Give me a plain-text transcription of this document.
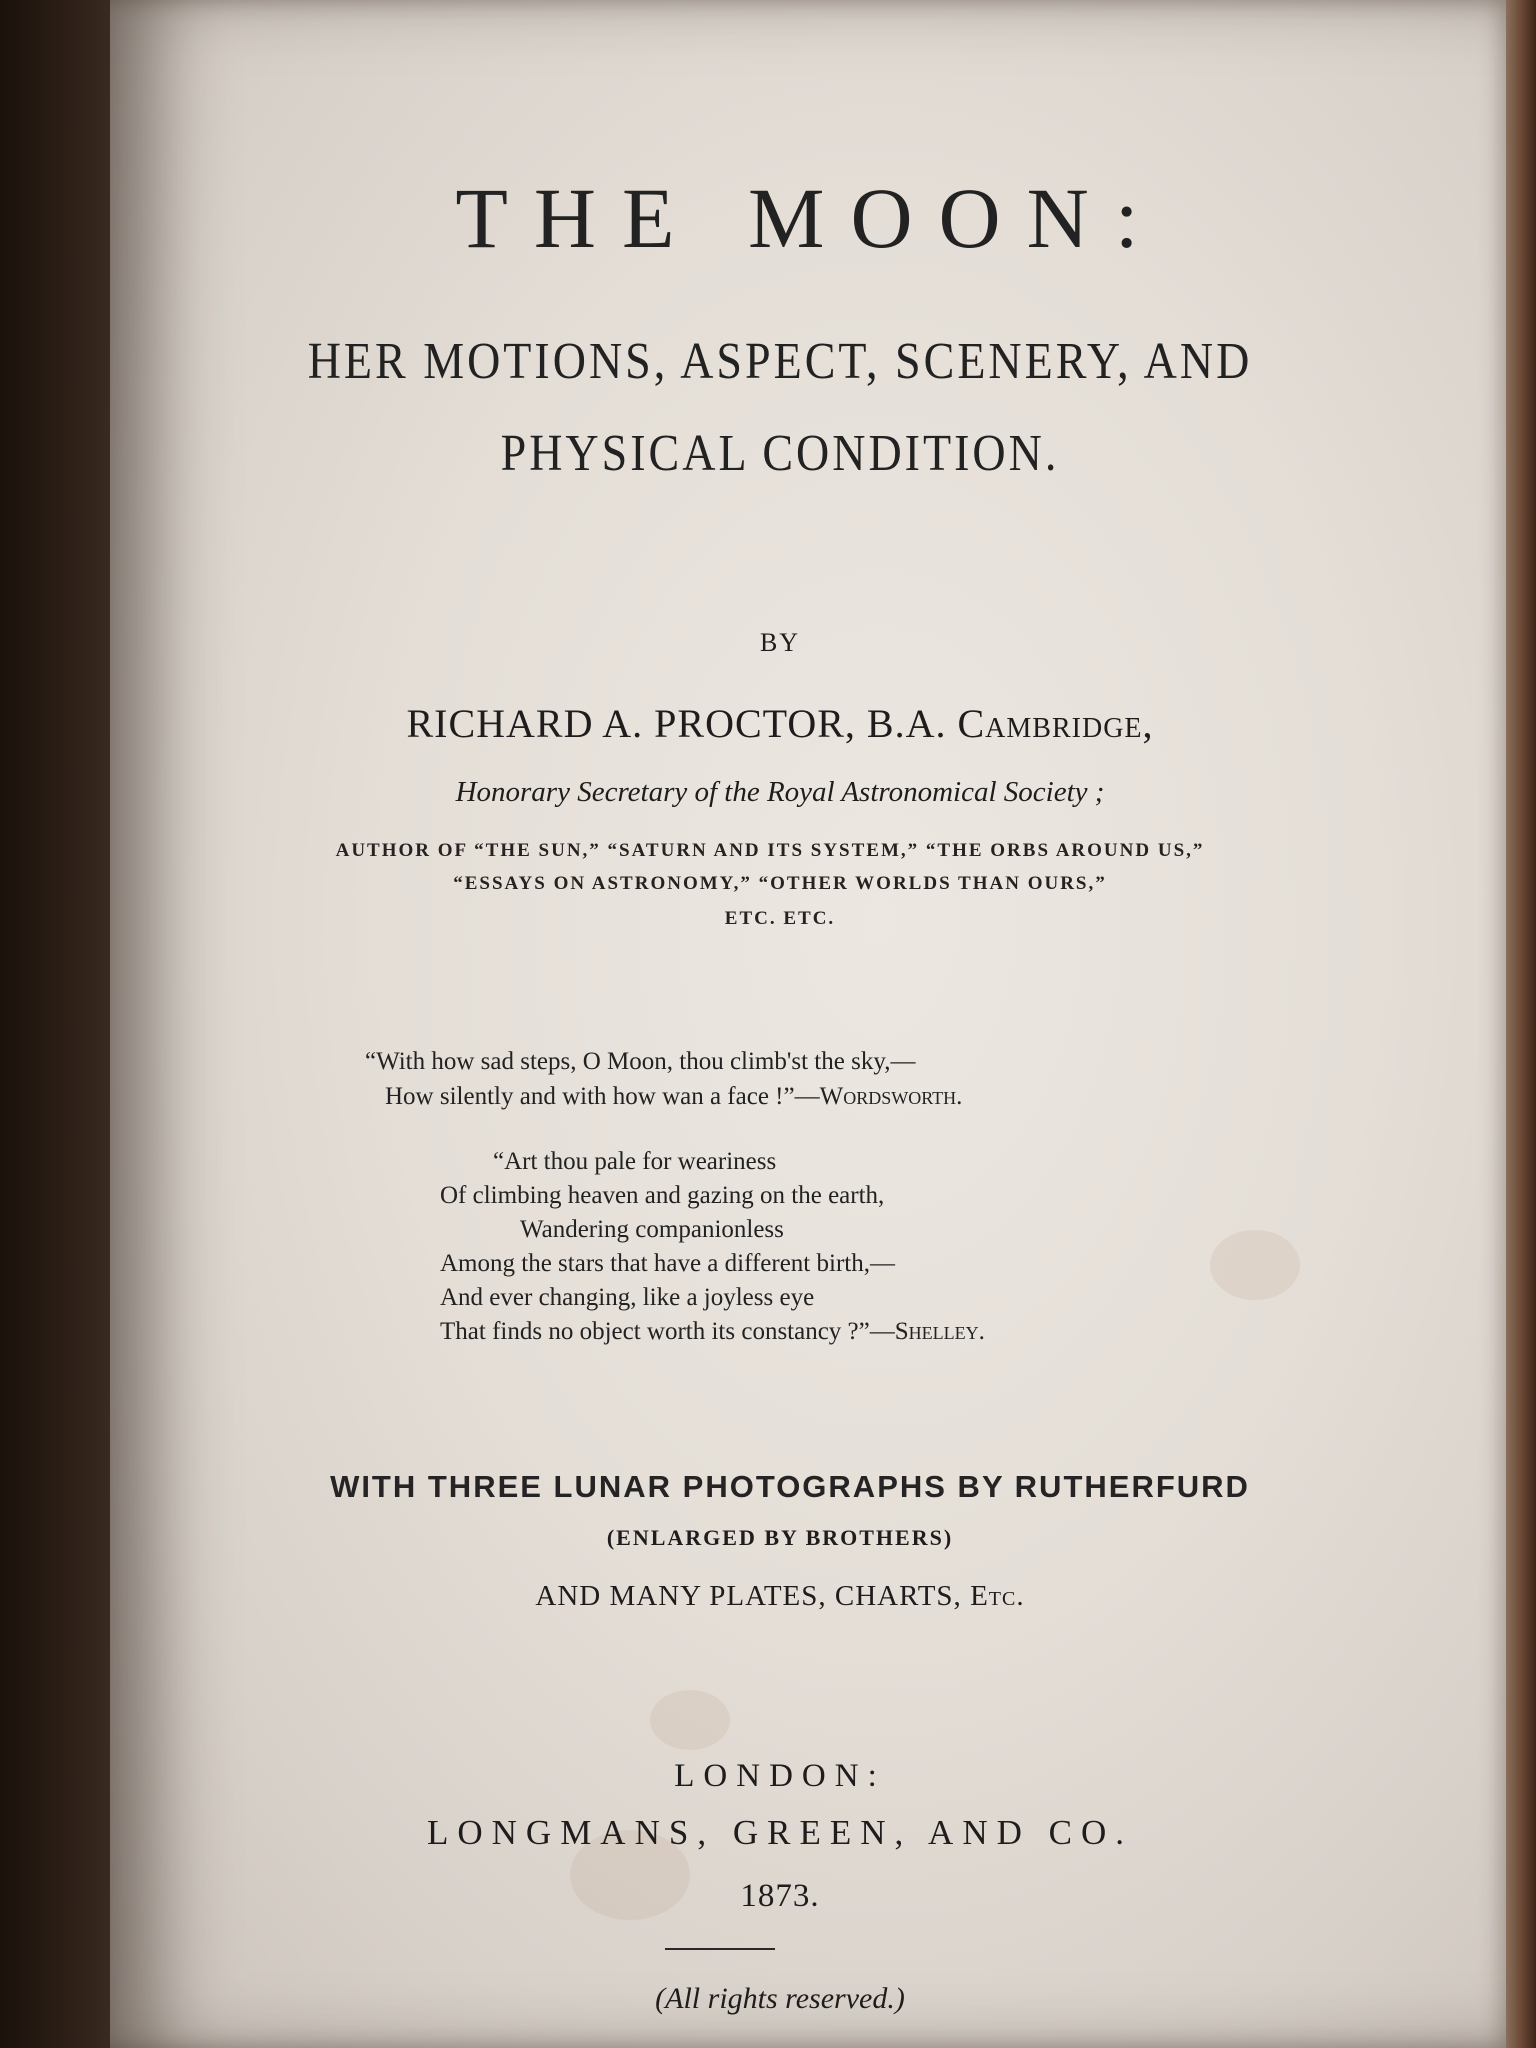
THE MOON:
HER MOTIONS, ASPECT, SCENERY, AND
PHYSICAL CONDITION.
BY
RICHARD A. PROCTOR, B.A. Cambridge,
Honorary Secretary of the Royal Astronomical Society ;
AUTHOR OF “THE SUN,” “SATURN AND ITS SYSTEM,” “THE ORBS AROUND US,”
“ESSAYS ON ASTRONOMY,” “OTHER WORLDS THAN OURS,”
ETC. ETC.
“With how sad steps, O Moon, thou climb'st the sky,—
How silently and with how wan a face !”—Wordsworth.
“Art thou pale for weariness
Of climbing heaven and gazing on the earth,
Wandering companionless
Among the stars that have a different birth,—
And ever changing, like a joyless eye
That finds no object worth its constancy ?”—Shelley.
WITH THREE LUNAR PHOTOGRAPHS BY RUTHERFURD
(ENLARGED BY BROTHERS)
AND MANY PLATES, CHARTS, Etc.
LONDON:
LONGMANS, GREEN, AND CO.
1873.
(All rights reserved.)
